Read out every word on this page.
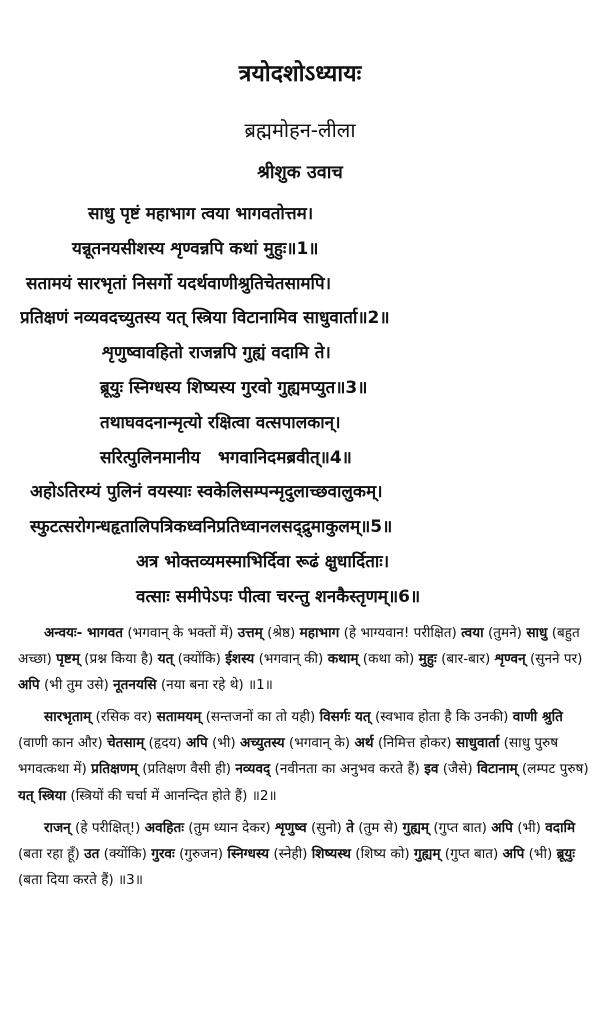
त्रयोदशोऽध्यायः
ब्रह्ममोहन-लीला
श्रीशुक उवाच
साधु पृष्टं महाभाग त्वया भागवतोत्तम।
यन्नूतनयसीशस्य शृण्वन्नपि कथां मुहुः॥1॥
सतामयं सारभृतां निसर्गो यदर्थवाणीश्रुतिचेतसामपि।
प्रतिक्षणं नव्यवदच्युतस्य यत् स्त्रिया विटानामिव साधुवार्ता॥2॥
शृणुष्वावहितो राजन्नपि गुह्यं वदामि ते।
ब्रूयुः स्निग्धस्य शिष्यस्य गुरवो गुह्यमप्युत॥3॥
तथाघवदनान्मृत्यो रक्षित्वा वत्सपालकान्।
सरित्पुलिनमानीय   भगवानिदमब्रवीत्॥4॥
अहोऽतिरम्यं पुलिनं वयस्याः स्वकेलिसम्पन्मृदुलाच्छवालुकम्।
स्फुटत्सरोगन्धहृतालिपत्रिकध्वनिप्रतिध्वानलसद्द्रुमाकुलम्॥5॥
अत्र भोक्तव्यमस्माभिर्दिवा रूढं क्षुधार्दिताः।
वत्साः समीपेऽपः पीत्वा चरन्तु शनकैस्तृणम्॥6॥

अन्वयः- भागवत (भगवान् के भक्तों में) उत्तम् (श्रेष्ठ) महाभाग (हे भाग्यवान! परीक्षित) त्वया (तुमने) साधु (बहुत अच्छा) पृष्टम् (प्रश्न किया है) यत् (क्योंकि) ईशस्य (भगवान् की) कथाम् (कथा को) मुहुः (बार-बार) शृण्वन् (सुनने पर) अपि (भी तुम उसे) नूतनयसि (नया बना रहे थे) ॥1॥

सारभृताम् (रसिक वर) सतामयम् (सन्तजनों का तो यही) विसर्गः यत् (स्वभाव होता है कि उनकी) वाणी श्रुति (वाणी कान और) चेतसाम् (हृदय) अपि (भी) अच्युतस्य (भगवान् के) अर्थ (निमित्त होकर) साधुवार्ता (साधु पुरुष भगवत्कथा में) प्रतिक्षणम् (प्रतिक्षण वैसी ही) नव्यवद् (नवीनता का अनुभव करते हैं) इव (जैसे) विटानाम् (लम्पट पुरुष) यत् स्त्रिया (स्त्रियों की चर्चा में आनन्दित होते हैं) ॥2॥

राजन् (हे परीक्षित्!) अवहितः (तुम ध्यान देकर) शृणुष्व (सुनो) ते (तुम से) गुह्यम् (गुप्त बात) अपि (भी) वदामि (बता रहा हूँ) उत (क्योंकि) गुरवः (गुरुजन) स्निग्धस्य (स्नेही) शिष्यस्थ (शिष्य को) गुह्यम् (गुप्त बात) अपि (भी) ब्रूयुः (बता दिया करते हैं) ॥3॥
